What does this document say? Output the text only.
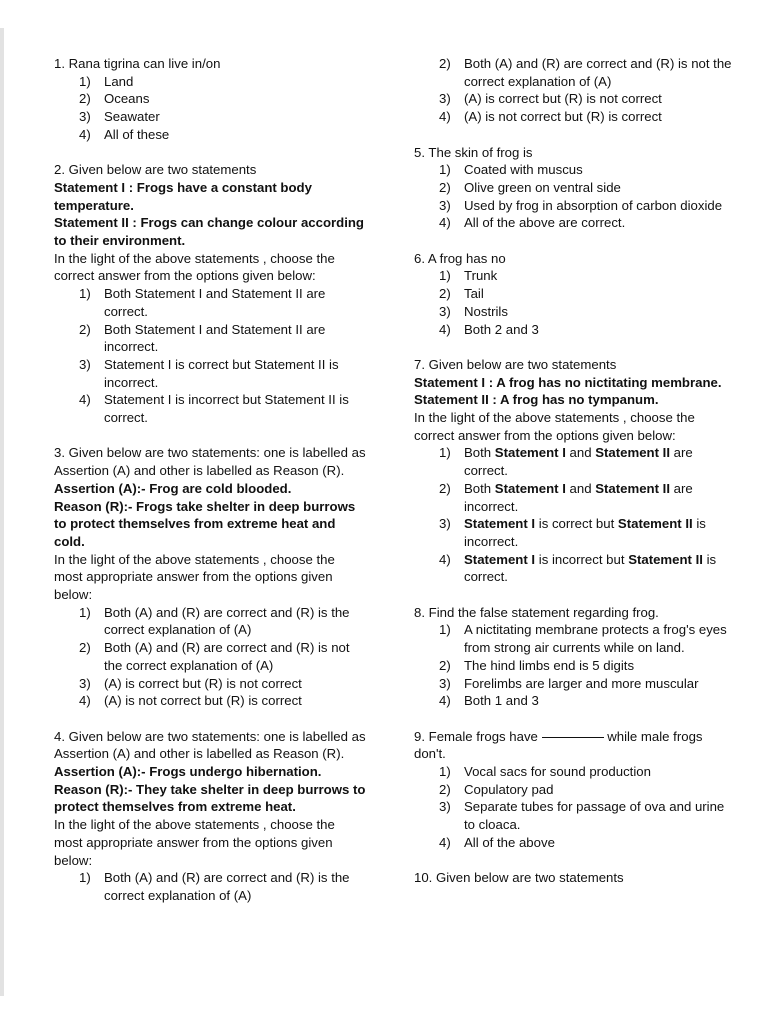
1. Rana tigrina can live in/on
1)	Land
2)	Oceans
3)	Seawater
4)	All of these
2. Given below are two statements
Statement I : Frogs have a constant body temperature.
Statement II : Frogs can change colour according to their environment.
In the light of the above statements , choose the correct answer from the options given below:
1)	Both Statement I and Statement II are correct.
2)	Both Statement I and Statement II are incorrect.
3)	Statement I is correct but Statement II is incorrect.
4)	Statement I is incorrect but Statement II is correct.
3. Given below are two statements: one is labelled as Assertion (A) and other is labelled as Reason (R).
Assertion (A):- Frog are cold blooded.
Reason (R):- Frogs take shelter in deep burrows to protect themselves from extreme heat and cold.
In the light of the above statements , choose the most appropriate answer from the options given below:
1)	Both (A) and (R) are correct and (R) is the correct explanation of (A)
2)	Both (A) and (R) are correct and (R) is not the correct explanation of (A)
3)	(A) is correct but (R) is not correct
4)	(A) is not correct but (R) is correct
4. Given below are two statements: one is labelled as Assertion (A) and other is labelled as Reason (R).
Assertion (A):- Frogs undergo hibernation.
Reason (R):- They take shelter in deep burrows to protect themselves from extreme heat.
In the light of the above statements , choose the most appropriate answer from the options given below:
1)	Both (A) and (R) are correct and (R) is the correct explanation of (A)
2)	Both (A) and (R) are correct and (R) is not the correct explanation of (A)
3)	(A) is correct but (R) is not correct
4)	(A) is not correct but (R) is correct
5. The skin of frog is
1)	Coated with muscus
2)	Olive green on ventral side
3)	Used by frog in absorption of carbon dioxide
4)	All of the above are correct.
6. A frog has no
1)	Trunk
2)	Tail
3)	Nostrils
4)	Both 2 and 3
7. Given below are two statements
Statement I : A frog has no nictitating membrane.
Statement II : A frog has no tympanum.
In the light of the above statements , choose the correct answer from the options given below:
1)	Both Statement I and Statement II are correct.
2)	Both Statement I and Statement II are incorrect.
3)	Statement I is correct but Statement II is incorrect.
4)	Statement I is incorrect but Statement II is correct.
8. Find the false statement regarding frog.
1)	A nictitating membrane protects a frog's eyes from strong air currents while on land.
2)	The hind limbs end is 5 digits
3)	Forelimbs are larger and more muscular
4)	Both 1 and 3
9. Female frogs have	while male frogs don't.
1)	Vocal sacs for sound production
2)	Copulatory pad
3)	Separate tubes for passage of ova and urine to cloaca.
4)	All of the above
10. Given below are two statements
